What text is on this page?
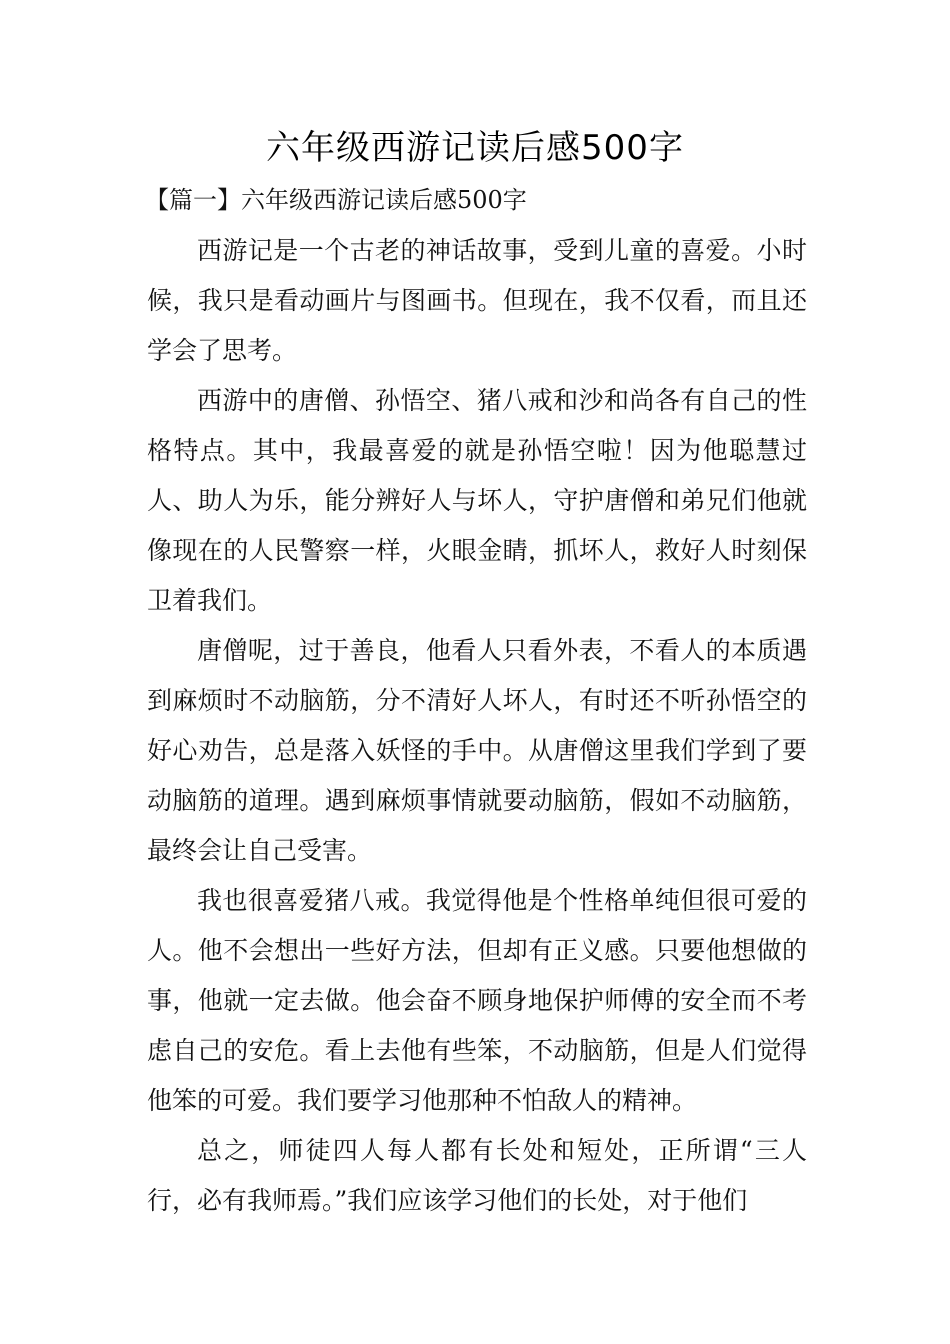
六年级西游记读后感500字
【篇一】六年级西游记读后感500字

西游记是一个古老的神话故事，受到儿童的喜爱。小时候，我只是看动画片与图画书。但现在，我不仅看，而且还学会了思考。

西游中的唐僧、孙悟空、猪八戒和沙和尚各有自己的性格特点。其中，我最喜爱的就是孙悟空啦！因为他聪慧过人、助人为乐，能分辨好人与坏人，守护唐僧和弟兄们他就像现在的人民警察一样，火眼金睛，抓坏人，救好人时刻保卫着我们。

唐僧呢，过于善良，他看人只看外表，不看人的本质遇到麻烦时不动脑筋，分不清好人坏人，有时还不听孙悟空的好心劝告，总是落入妖怪的手中。从唐僧这里我们学到了要动脑筋的道理。遇到麻烦事情就要动脑筋，假如不动脑筋，最终会让自己受害。

我也很喜爱猪八戒。我觉得他是个性格单纯但很可爱的人。他不会想出一些好方法，但却有正义感。只要他想做的事，他就一定去做。他会奋不顾身地保护师傅的安全而不考虑自己的安危。看上去他有些笨，不动脑筋，但是人们觉得他笨的可爱。我们要学习他那种不怕敌人的精神。

总之，师徒四人每人都有长处和短处，正所谓“三人行，必有我师焉。”我们应该学习他们的长处，对于他们
